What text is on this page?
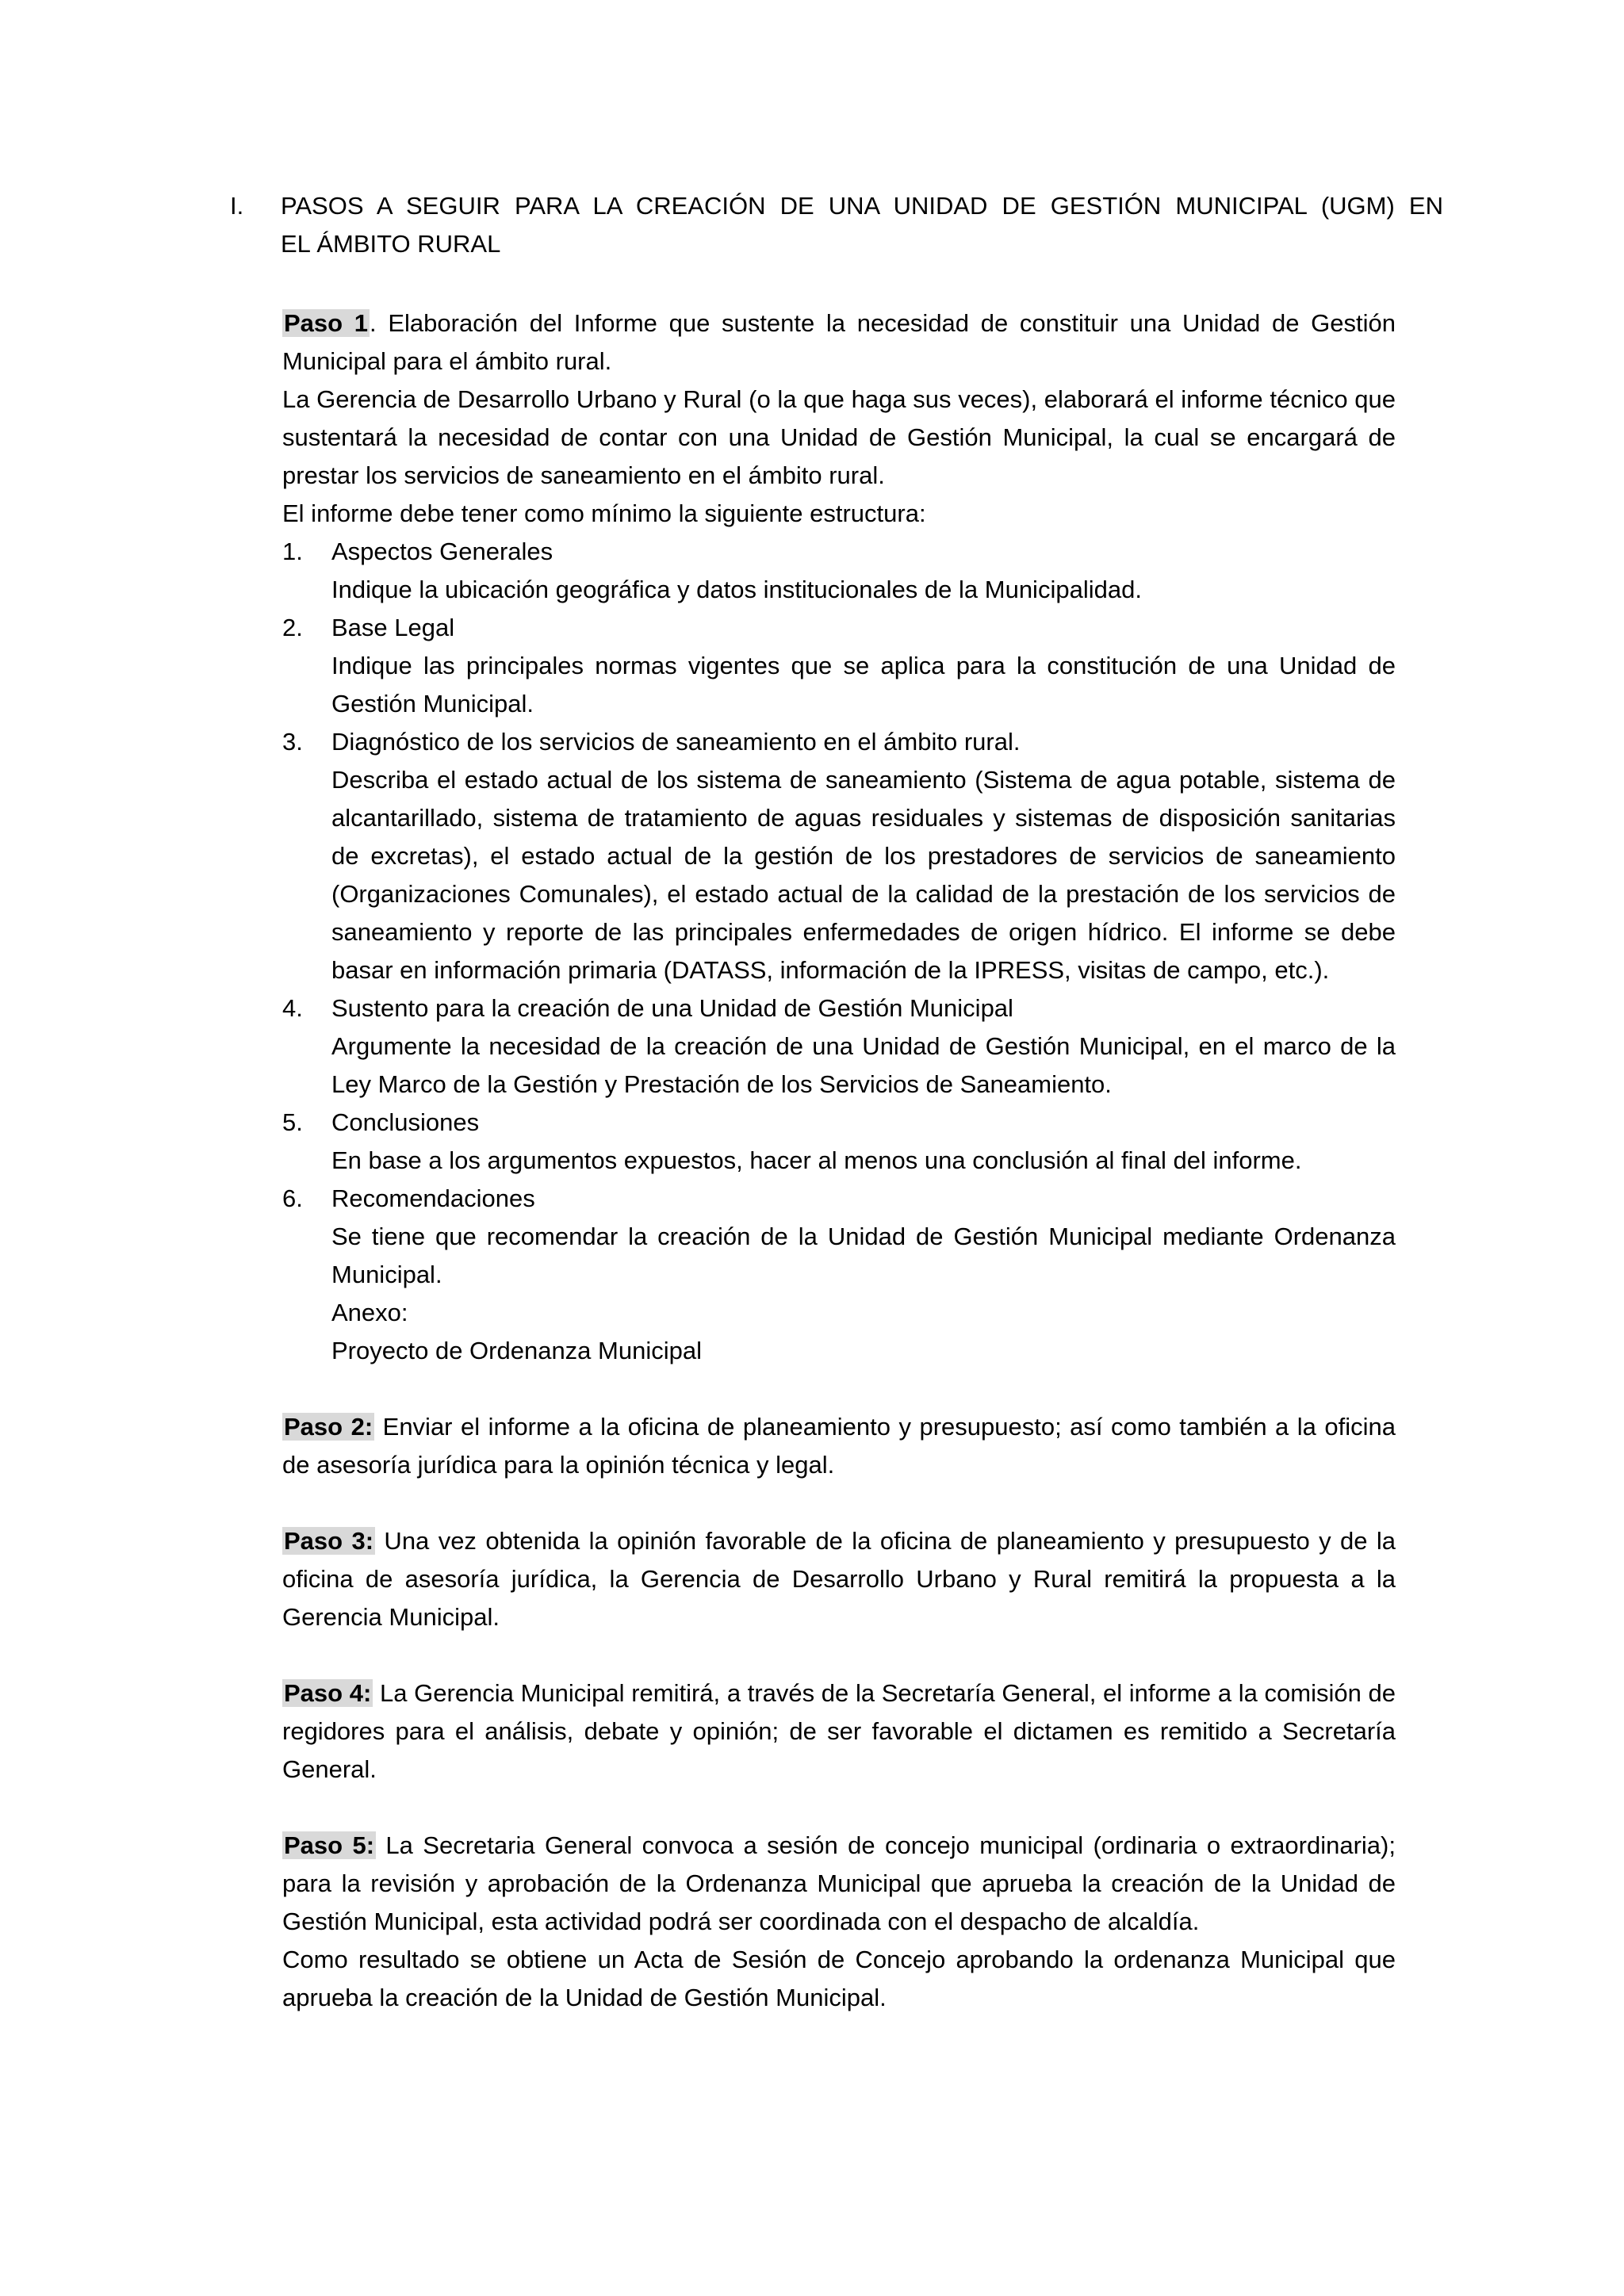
I. PASOS A SEGUIR PARA LA CREACIÓN DE UNA UNIDAD DE GESTIÓN MUNICIPAL (UGM) EN
EL ÁMBITO RURAL

Paso 1. Elaboración del Informe que sustente la necesidad de constituir una Unidad de Gestión Municipal para el ámbito rural.

La Gerencia de Desarrollo Urbano y Rural (o la que haga sus veces), elaborará el informe técnico que sustentará la necesidad de contar con una Unidad de Gestión Municipal, la cual se encargará de prestar los servicios de saneamiento en el ámbito rural.

El informe debe tener como mínimo la siguiente estructura:

1. Aspectos Generales
Indique la ubicación geográfica y datos institucionales de la Municipalidad.
2. Base Legal
Indique las principales normas vigentes que se aplica para la constitución de una Unidad de Gestión Municipal.
3. Diagnóstico de los servicios de saneamiento en el ámbito rural.
Describa el estado actual de los sistema de saneamiento (Sistema de agua potable, sistema de alcantarillado, sistema de tratamiento de aguas residuales y sistemas de disposición sanitarias de excretas), el estado actual de la gestión de los prestadores de servicios de saneamiento (Organizaciones Comunales), el estado actual de la calidad de la prestación de los servicios de saneamiento y reporte de las principales enfermedades de origen hídrico. El informe se debe basar en información primaria (DATASS, información de la IPRESS, visitas de campo, etc.).
4. Sustento para la creación de una Unidad de Gestión Municipal
Argumente la necesidad de la creación de una Unidad de Gestión Municipal, en el marco de la Ley Marco de la Gestión y Prestación de los Servicios de Saneamiento.
5. Conclusiones
En base a los argumentos expuestos, hacer al menos una conclusión al final del informe.
6. Recomendaciones
Se tiene que recomendar la creación de la Unidad de Gestión Municipal mediante Ordenanza Municipal.
Anexo:
Proyecto de Ordenanza Municipal

Paso 2: Enviar el informe a la oficina de planeamiento y presupuesto; así como también a la oficina de asesoría jurídica para la opinión técnica y legal.

Paso 3: Una vez obtenida la opinión favorable de la oficina de planeamiento y presupuesto y de la oficina de asesoría jurídica, la Gerencia de Desarrollo Urbano y Rural remitirá la propuesta a la Gerencia Municipal.

Paso 4: La Gerencia Municipal remitirá, a través de la Secretaría General, el informe a la comisión de regidores para el análisis, debate y opinión; de ser favorable el dictamen es remitido a Secretaría General.

Paso 5: La Secretaria General convoca a sesión de concejo municipal (ordinaria o extraordinaria); para la revisión y aprobación de la Ordenanza Municipal que aprueba la creación de la Unidad de Gestión Municipal, esta actividad podrá ser coordinada con el despacho de alcaldía.

Como resultado se obtiene un Acta de Sesión de Concejo aprobando la ordenanza Municipal que aprueba la creación de la Unidad de Gestión Municipal.
